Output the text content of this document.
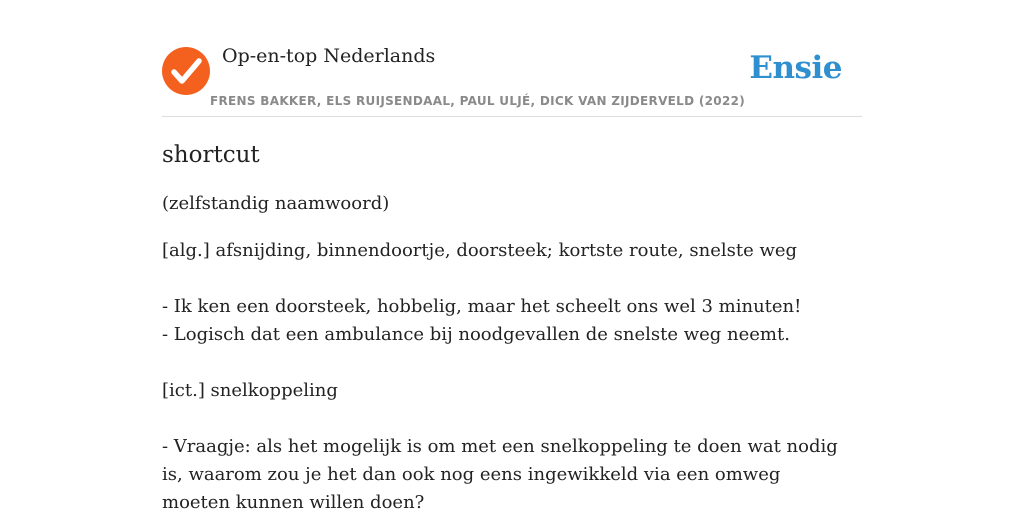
Op-en-top Nederlands
FRENS BAKKER, ELS RUIJSENDAAL, PAUL ULJÉ, DICK VAN ZIJDERVELD (2022)
Ensie
shortcut

(zelfstandig naamwoord)

[alg.] afsnijding, binnendoortje, doorsteek; kortste route, snelste weg

- Ik ken een doorsteek, hobbelig, maar het scheelt ons wel 3 minuten!

- Logisch dat een ambulance bij noodgevallen de snelste weg neemt.

[ict.] snelkoppeling

- Vraagje: als het mogelijk is om met een snelkoppeling te doen wat nodig is, waarom zou je het dan ook nog eens ingewikkeld via een omweg moeten kunnen willen doen?
